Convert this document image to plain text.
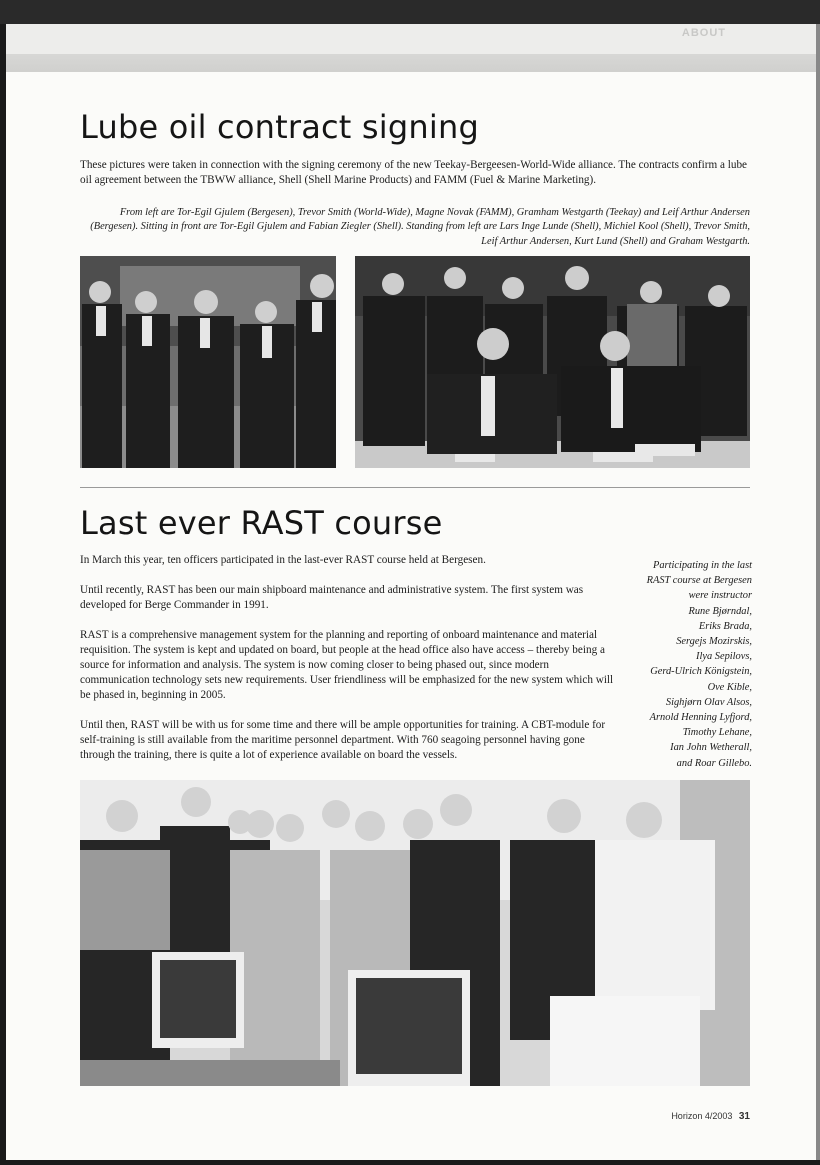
ABOUT
Lube oil contract signing
These pictures were taken in connection with the signing ceremony of the new Teekay-Bergeesen-World-Wide alliance. The contracts confirm a lube oil agreement between the TBWW alliance, Shell (Shell Marine Products) and FAMM (Fuel & Marine Marketing).
From left are Tor-Egil Gjulem (Bergesen), Trevor Smith (World-Wide), Magne Novak (FAMM), Gramham Westgarth (Teekay) and Leif Arthur Andersen (Bergesen). Sitting in front are Tor-Egil Gjulem and Fabian Ziegler (Shell). Standing from left are Lars Inge Lunde (Shell), Michiel Kool (Shell), Trevor Smith, Leif Arthur Andersen, Kurt Lund (Shell) and Graham Westgarth.
Last ever RAST course

In March this year, ten officers participated in the last-ever RAST course held at Bergesen.

Until recently, RAST has been our main shipboard maintenance and administrative system. The first system was developed for Berge Commander in 1991.

RAST is a comprehensive management system for the planning and reporting of onboard maintenance and material requisition. The system is kept and updated on board, but people at the head office also have access – thereby being a source for information and analysis. The system is now coming closer to being phased out, since modern communication technology sets new requirements. User friendliness will be emphasized for the new system which will be phased in, beginning in 2005.

Until then, RAST will be with us for some time and there will be ample opportunities for training. A CBT-module for self-training is still available from the maritime personnel department. With 760 seagoing personnel having gone through the training, there is quite a lot of experience available on board the vessels.

Participating in the last
RAST course at Bergesen
were instructor
Rune Bjørndal,
Eriks Brada,
Sergejs Mozirskis,
Ilya Sepilovs,
Gerd-Ulrich Königstein,
Ove Kible,
Sighjørn Olav Alsos,
Arnold Henning Lyfjord,
Timothy Lehane,
Ian John Wetherall,
and Roar Gillebo.
Horizon 4/2003 31
